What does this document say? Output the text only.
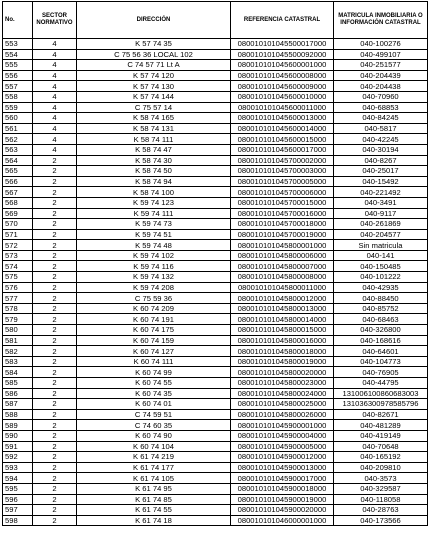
No.	SECTOR NORMATIVO	DIRECCIÓN	REFERENCIA CATASTRAL	MATRICULA INMOBILIARIA O INFORMACIÓN CATASTRAL
553	4	K 57 74 35	080010101045500017000	040-100276
554	4	C 75 56 36 LOCAL 102	080010101045500092000	040-499107
555	4	C 74 57 71 Lt A	080010101045600001000	040-251577
556	4	K 57 74 120	080010101045600008000	040-204439
557	4	K 57 74 130	080010101045600009000	040-204438
558	4	K 57 74 144	080010101045600010000	040-70960
559	4	C 75 57 14	080010101045600011000	040-68853
560	4	K 58 74 165	080010101045600013000	040-84245
561	4	K 58 74 131	080010101045600014000	040-5817
562	4	K 58 74 111	080010101045600015000	040-42245
563	4	K 58 74 47	080010101045600017000	040-30194
564	2	K 58 74 30	080010101045700002000	040-8267
565	2	K 58 74 50	080010101045700003000	040-25017
566	2	K 58 74 94	080010101045700005000	040-15492
567	2	K 58 74 100	080010101045700006000	040-221492
568	2	K 59 74 123	080010101045700015000	040-3491
569	2	K 59 74 111	080010101045700016000	040-9117
570	2	K 59 74 73	080010101045700018000	040-261869
571	2	K 59 74 51	080010101045700019000	040-204577
572	2	K 59 74 48	080010101045800001000	Sin matricula
573	2	K 59 74 102	080010101045800006000	040-141
574	2	K 59 74 116	080010101045800007000	040-150485
575	2	K 59 74 132	080010101045800008000	040-101222
576	2	K 59 74 208	080010101045800011000	040-42935
577	2	C 75 59 36	080010101045800012000	040-88450
578	2	K 60 74 209	080010101045800013000	040-85752
579	2	K 60 74 191	080010101045800014000	040-68463
580	2	K 60 74 175	080010101045800015000	040-326800
581	2	K 60 74 159	080010101045800016000	040-168616
582	2	K 60 74 127	080010101045800018000	040-64601
583	2	K 60 74 111	080010101045800019000	040-104773
584	2	K 60 74 99	080010101045800020000	040-76905
585	2	K 60 74 55	080010101045800023000	040-44795
586	2	K 60 74 35	080010101045800024000	131006100860683003
587	2	K 60 74 01	080010101045800025000	131036300978585796
588	2	C 74 59 51	080010101045800026000	040-82671
589	2	C 74 60 35	080010101045900001000	040-481289
590	2	K 60 74 90	080010101045900004000	040-419149
591	2	K 60 74 104	080010101045900005000	040-70648
592	2	K 61 74 219	080010101045900012000	040-165192
593	2	K 61 74 177	080010101045900013000	040-209810
594	2	K 61 74 105	080010101045900017000	040-3573
595	2	K 61 74 95	080010101045900018000	040-329587
596	2	K 61 74 85	080010101045900019000	040-118058
597	2	K 61 74 55	080010101045900020000	040-28763
598	2	K 61 74 18	080010101046000001000	040-173566
